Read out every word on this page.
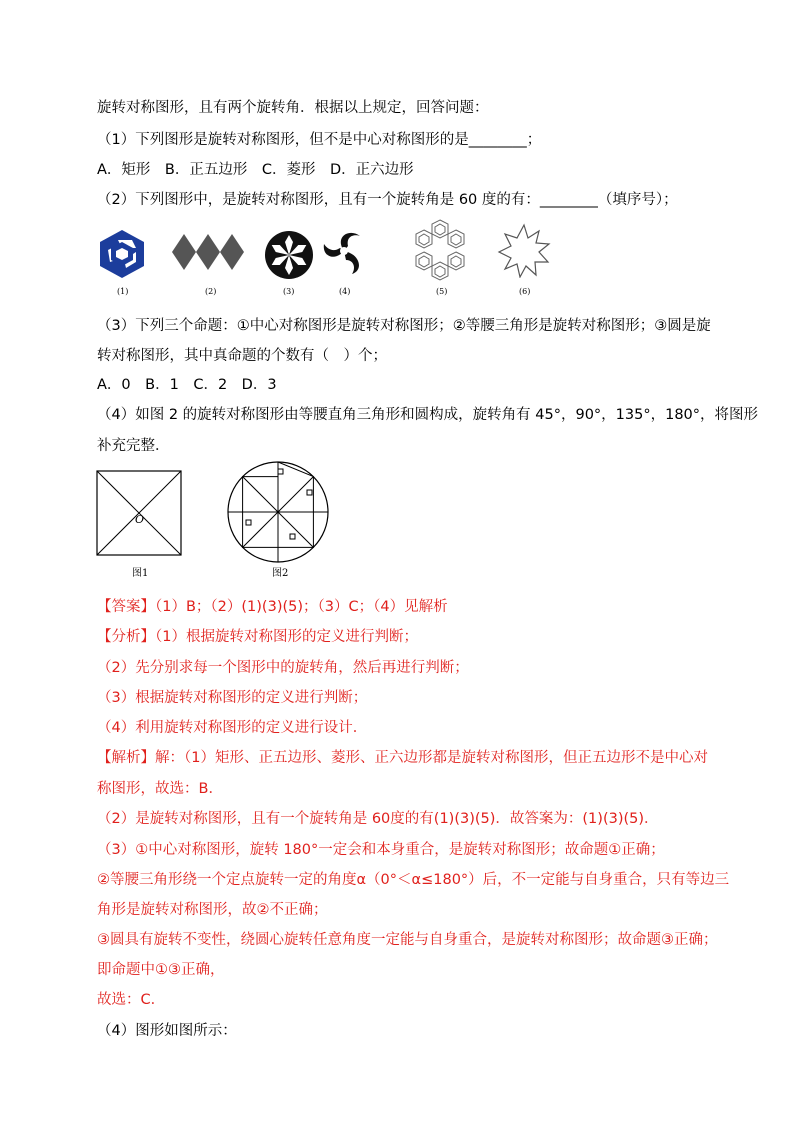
旋转对称图形，且有两个旋转角．根据以上规定，回答问题：
（1）下列图形是旋转对称图形，但不是中心对称图形的是________；
A．矩形　B．正五边形　C．菱形　D．正六边形
（2）下列图形中，是旋转对称图形，且有一个旋转角是 60 度的有：________（填序号）；
(1)	(2)	(3)	(4)	(5)	(6)
（3）下列三个命题：①中心对称图形是旋转对称图形；②等腰三角形是旋转对称图形；③圆是旋
转对称图形，其中真命题的个数有（　）个；
A．0　B．1　C．2　D．3
（4）如图 2 的旋转对称图形由等腰直角三角形和圆构成，旋转角有 45°，90°，135°，180°，将图形
补充完整．
O
图1	图2
【答案】（1）B；（2）(1)(3)(5)；（3）C；（4）见解析
【分析】（1）根据旋转对称图形的定义进行判断；
（2）先分别求每一个图形中的旋转角，然后再进行判断；
（3）根据旋转对称图形的定义进行判断；
（4）利用旋转对称图形的定义进行设计．
【解析】解：（1）矩形、正五边形、菱形、正六边形都是旋转对称图形，但正五边形不是中心对
称图形，故选：B．
（2）是旋转对称图形，且有一个旋转角是 60度的有(1)(3)(5)．故答案为：(1)(3)(5)．
（3）①中心对称图形，旋转 180°一定会和本身重合，是旋转对称图形；故命题①正确；
②等腰三角形绕一个定点旋转一定的角度α（0°＜α≤180°）后，不一定能与自身重合，只有等边三
角形是旋转对称图形，故②不正确；
③圆具有旋转不变性，绕圆心旋转任意角度一定能与自身重合，是旋转对称图形；故命题③正确；
即命题中①③正确，
故选：C．
（4）图形如图所示：
